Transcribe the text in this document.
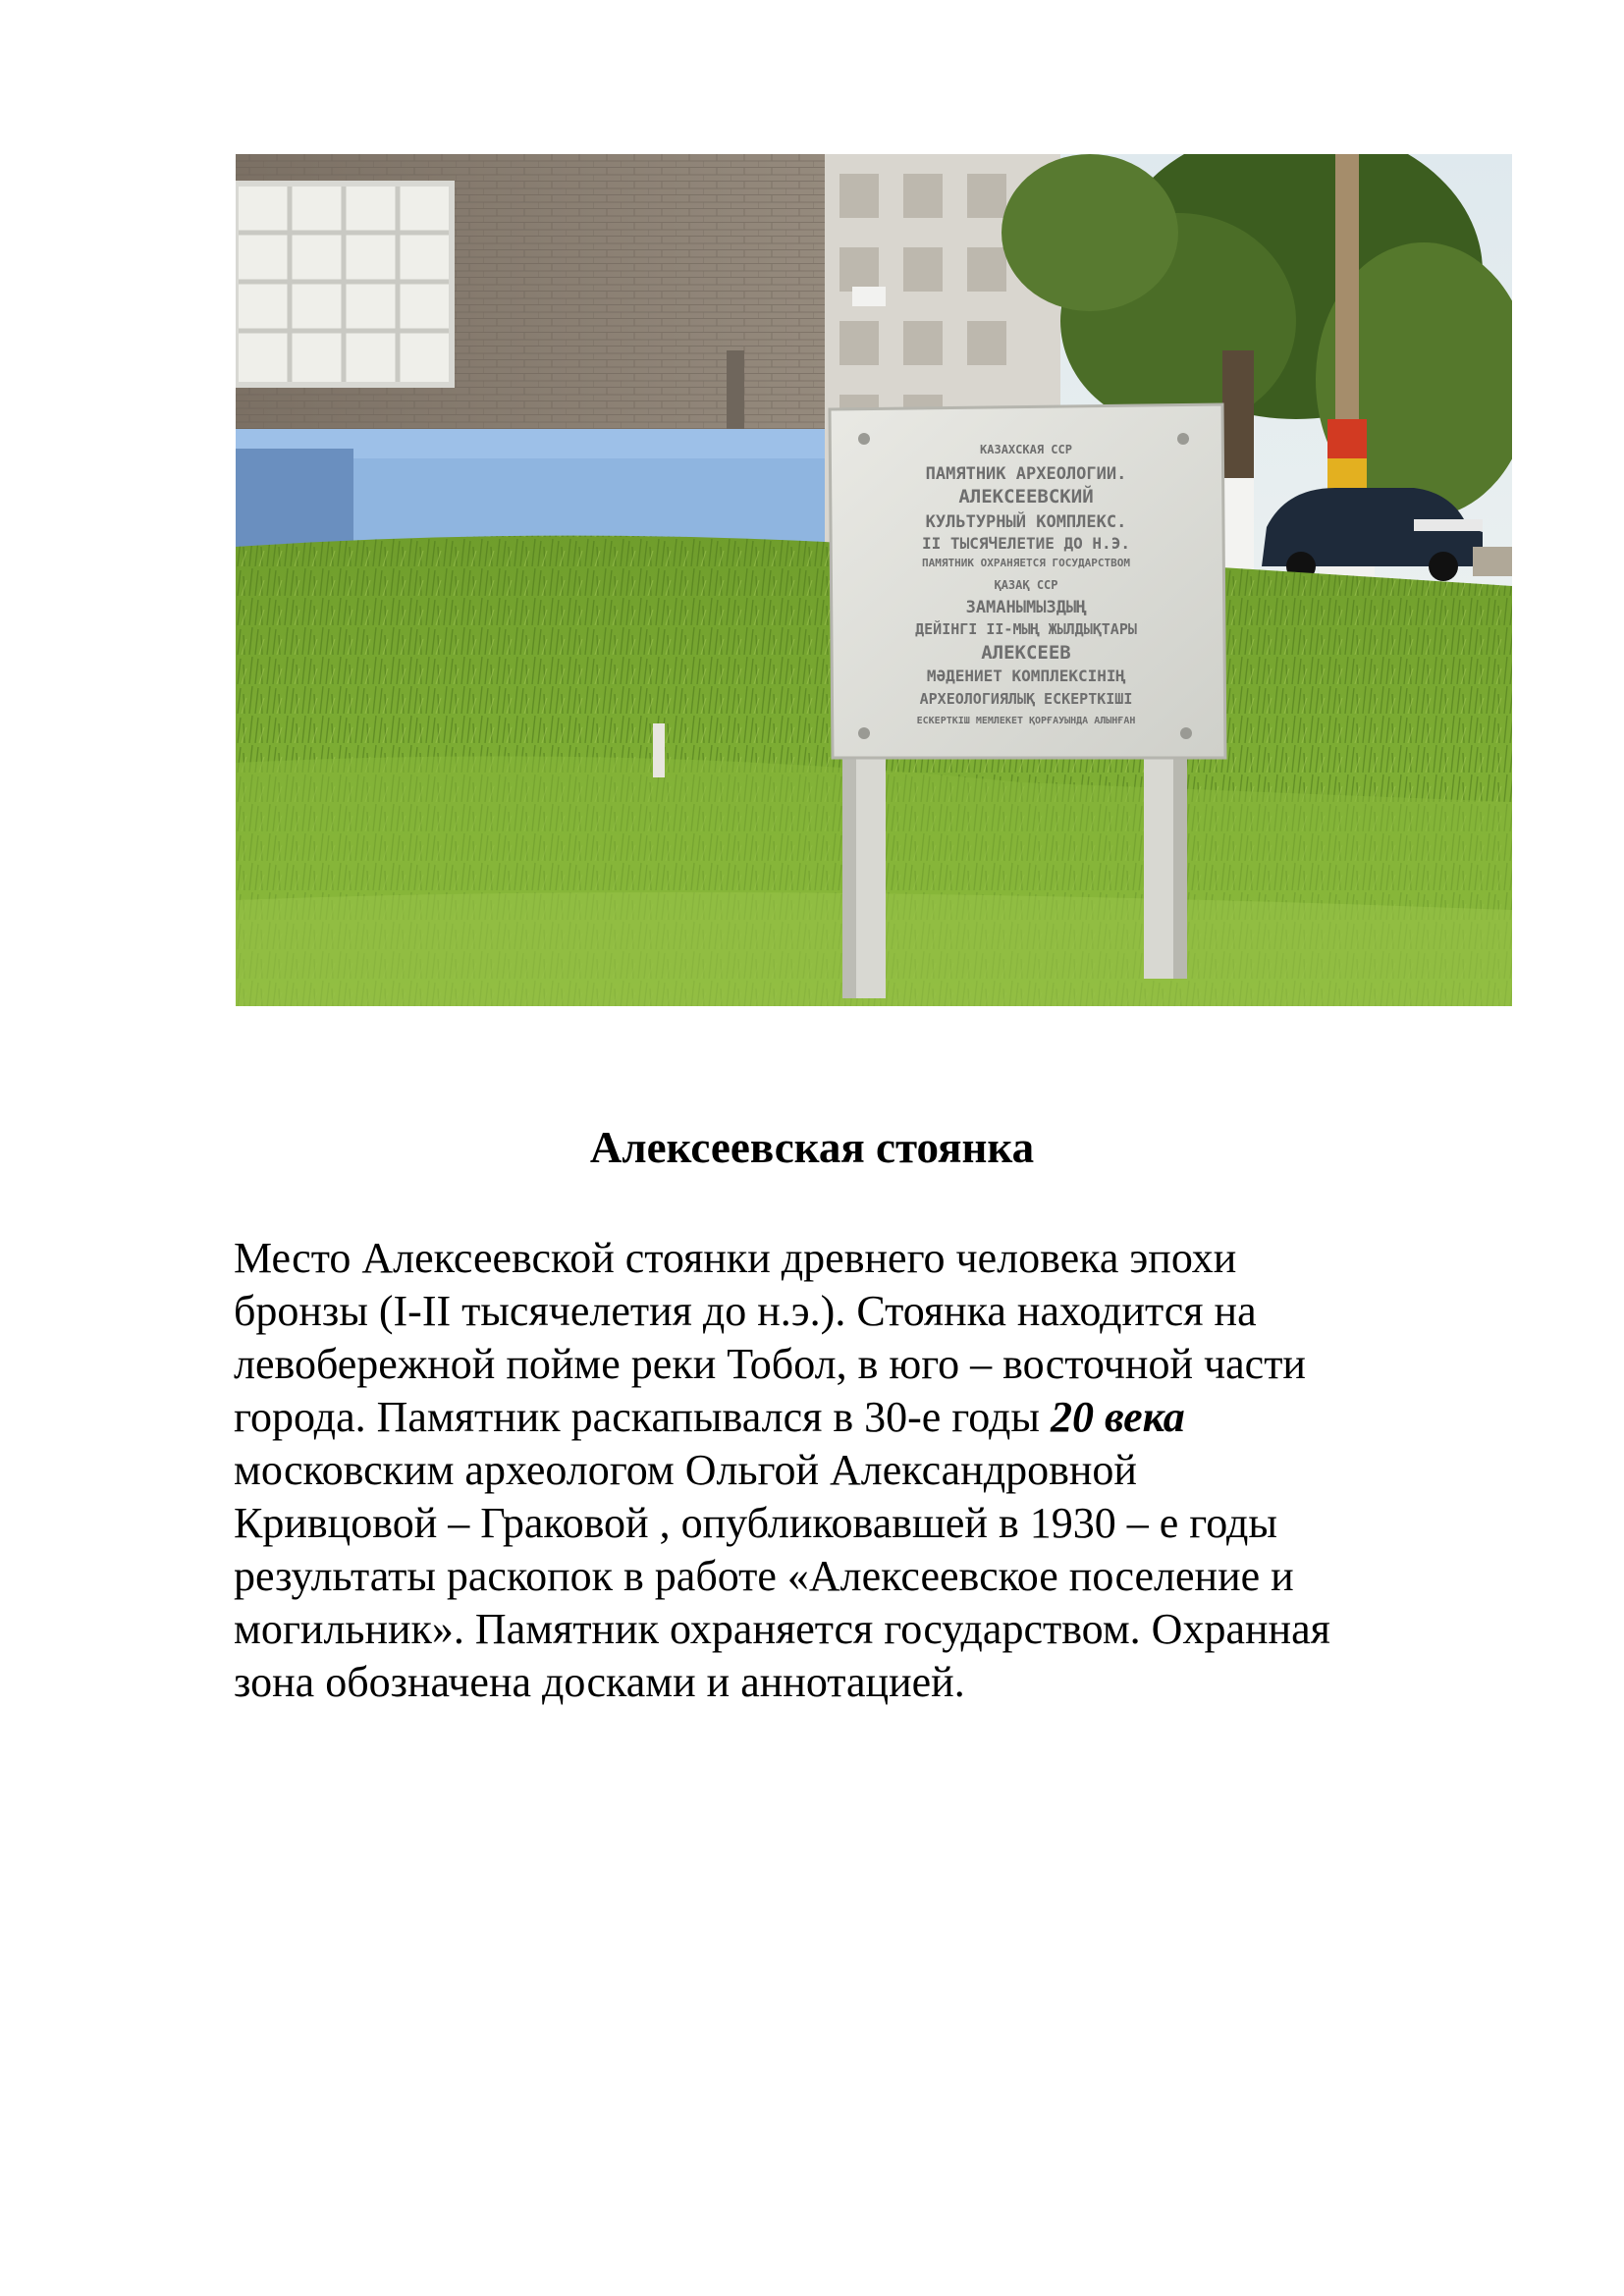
КАЗАХСКАЯ ССР
ПАМЯТНИК АРХЕОЛОГИИ.
АЛЕКСЕЕВСКИЙ
КУЛЬТУРНЫЙ КОМПЛЕКС.
II ТЫСЯЧЕЛЕТИЕ ДО Н.Э.
ПАМЯТНИК ОХРАНЯЕТСЯ ГОСУДАРСТВОМ
ҚАЗАҚ ССР
ЗАМАНЫМЫЗДЫҢ
ДЕЙІНГІ ІІ-МЫҢ ЖЫЛДЫҚТАРЫ
АЛЕКСЕЕВ
МӘДЕНИЕТ КОМПЛЕКСІНІҢ
АРХЕОЛОГИЯЛЫҚ ЕСКЕРТКІШІ
ЕСКЕРТКІШ МЕМЛЕКЕТ ҚОРҒАУЫНДА АЛЫНҒАН
Алексеевская стоянка

Место Алексеевской стоянки древнего человека эпохи
бронзы (I-II тысячелетия до н.э.). Стоянка находится на
левобережной пойме реки Тобол, в юго – восточной части
города. Памятник раскапывался в 30-е годы 20 века
московским археологом Ольгой Александровной
Кривцовой – Граковой , опубликовавшей в 1930 – е годы
результаты раскопок в работе «Алексеевское поселение и
могильник». Памятник охраняется государством. Охранная
зона обозначена досками и аннотацией.
